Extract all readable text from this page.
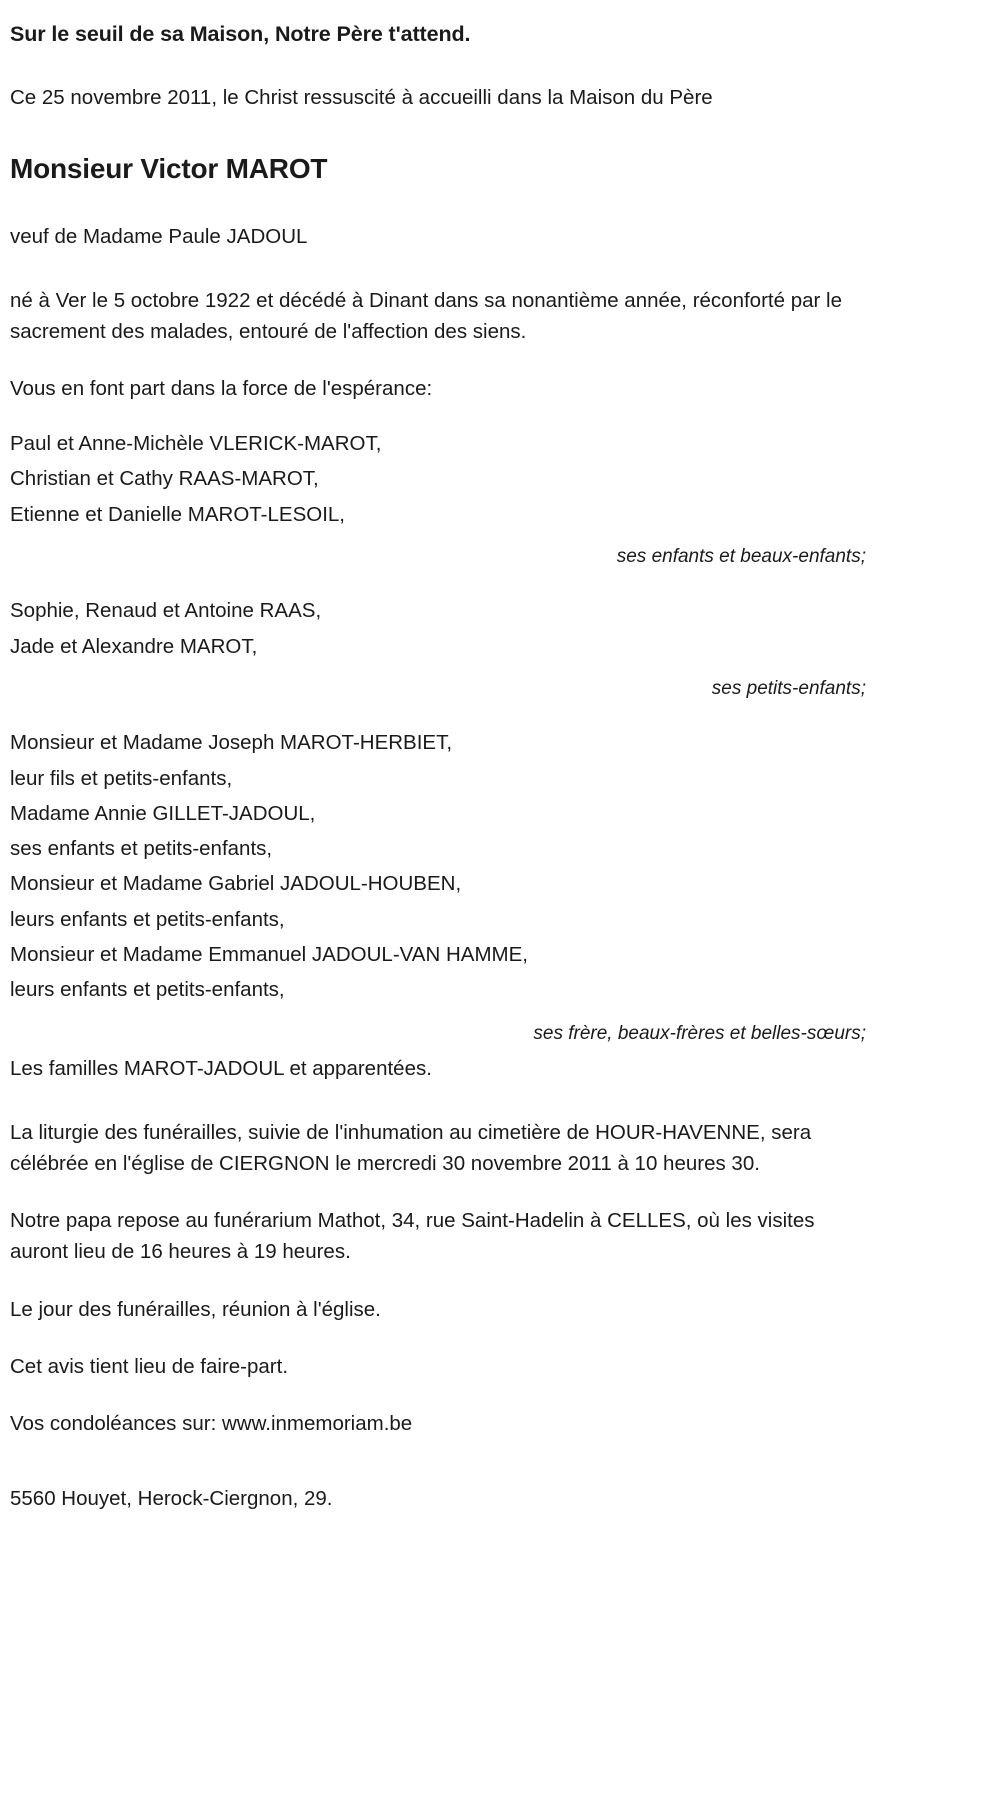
Sur le seuil de sa Maison, Notre Père t'attend.

Ce 25 novembre 2011, le Christ ressuscité à accueilli dans la Maison du Père

Monsieur Victor MAROT

veuf de Madame Paule JADOUL

né à Ver le 5 octobre 1922 et décédé à Dinant dans sa nonantième année, réconforté par le sacrement des malades, entouré de l'affection des siens.

Vous en font part dans la force de l'espérance:

Paul et Anne-Michèle VLERICK-MAROT,
Christian et Cathy RAAS-MAROT,
Etienne et Danielle MAROT-LESOIL,

ses enfants et beaux-enfants;

Sophie, Renaud et Antoine RAAS,
Jade et Alexandre MAROT,

ses petits-enfants;

Monsieur et Madame Joseph MAROT-HERBIET,
leur fils et petits-enfants,
Madame Annie GILLET-JADOUL,
ses enfants et petits-enfants,
Monsieur et Madame Gabriel JADOUL-HOUBEN,
leurs enfants et petits-enfants,
Monsieur et Madame Emmanuel JADOUL-VAN HAMME,
leurs enfants et petits-enfants,

ses frère, beaux-frères et belles-sœurs;

Les familles MAROT-JADOUL et apparentées.

La liturgie des funérailles, suivie de l'inhumation au cimetière de HOUR-HAVENNE, sera célébrée en l'église de CIERGNON le mercredi 30 novembre 2011 à 10 heures 30.

Notre papa repose au funérarium Mathot, 34, rue Saint-Hadelin à CELLES, où les visites auront lieu de 16 heures à 19 heures.

Le jour des funérailles, réunion à l'église.

Cet avis tient lieu de faire-part.

Vos condoléances sur: www.inmemoriam.be

5560 Houyet, Herock-Ciergnon, 29.
